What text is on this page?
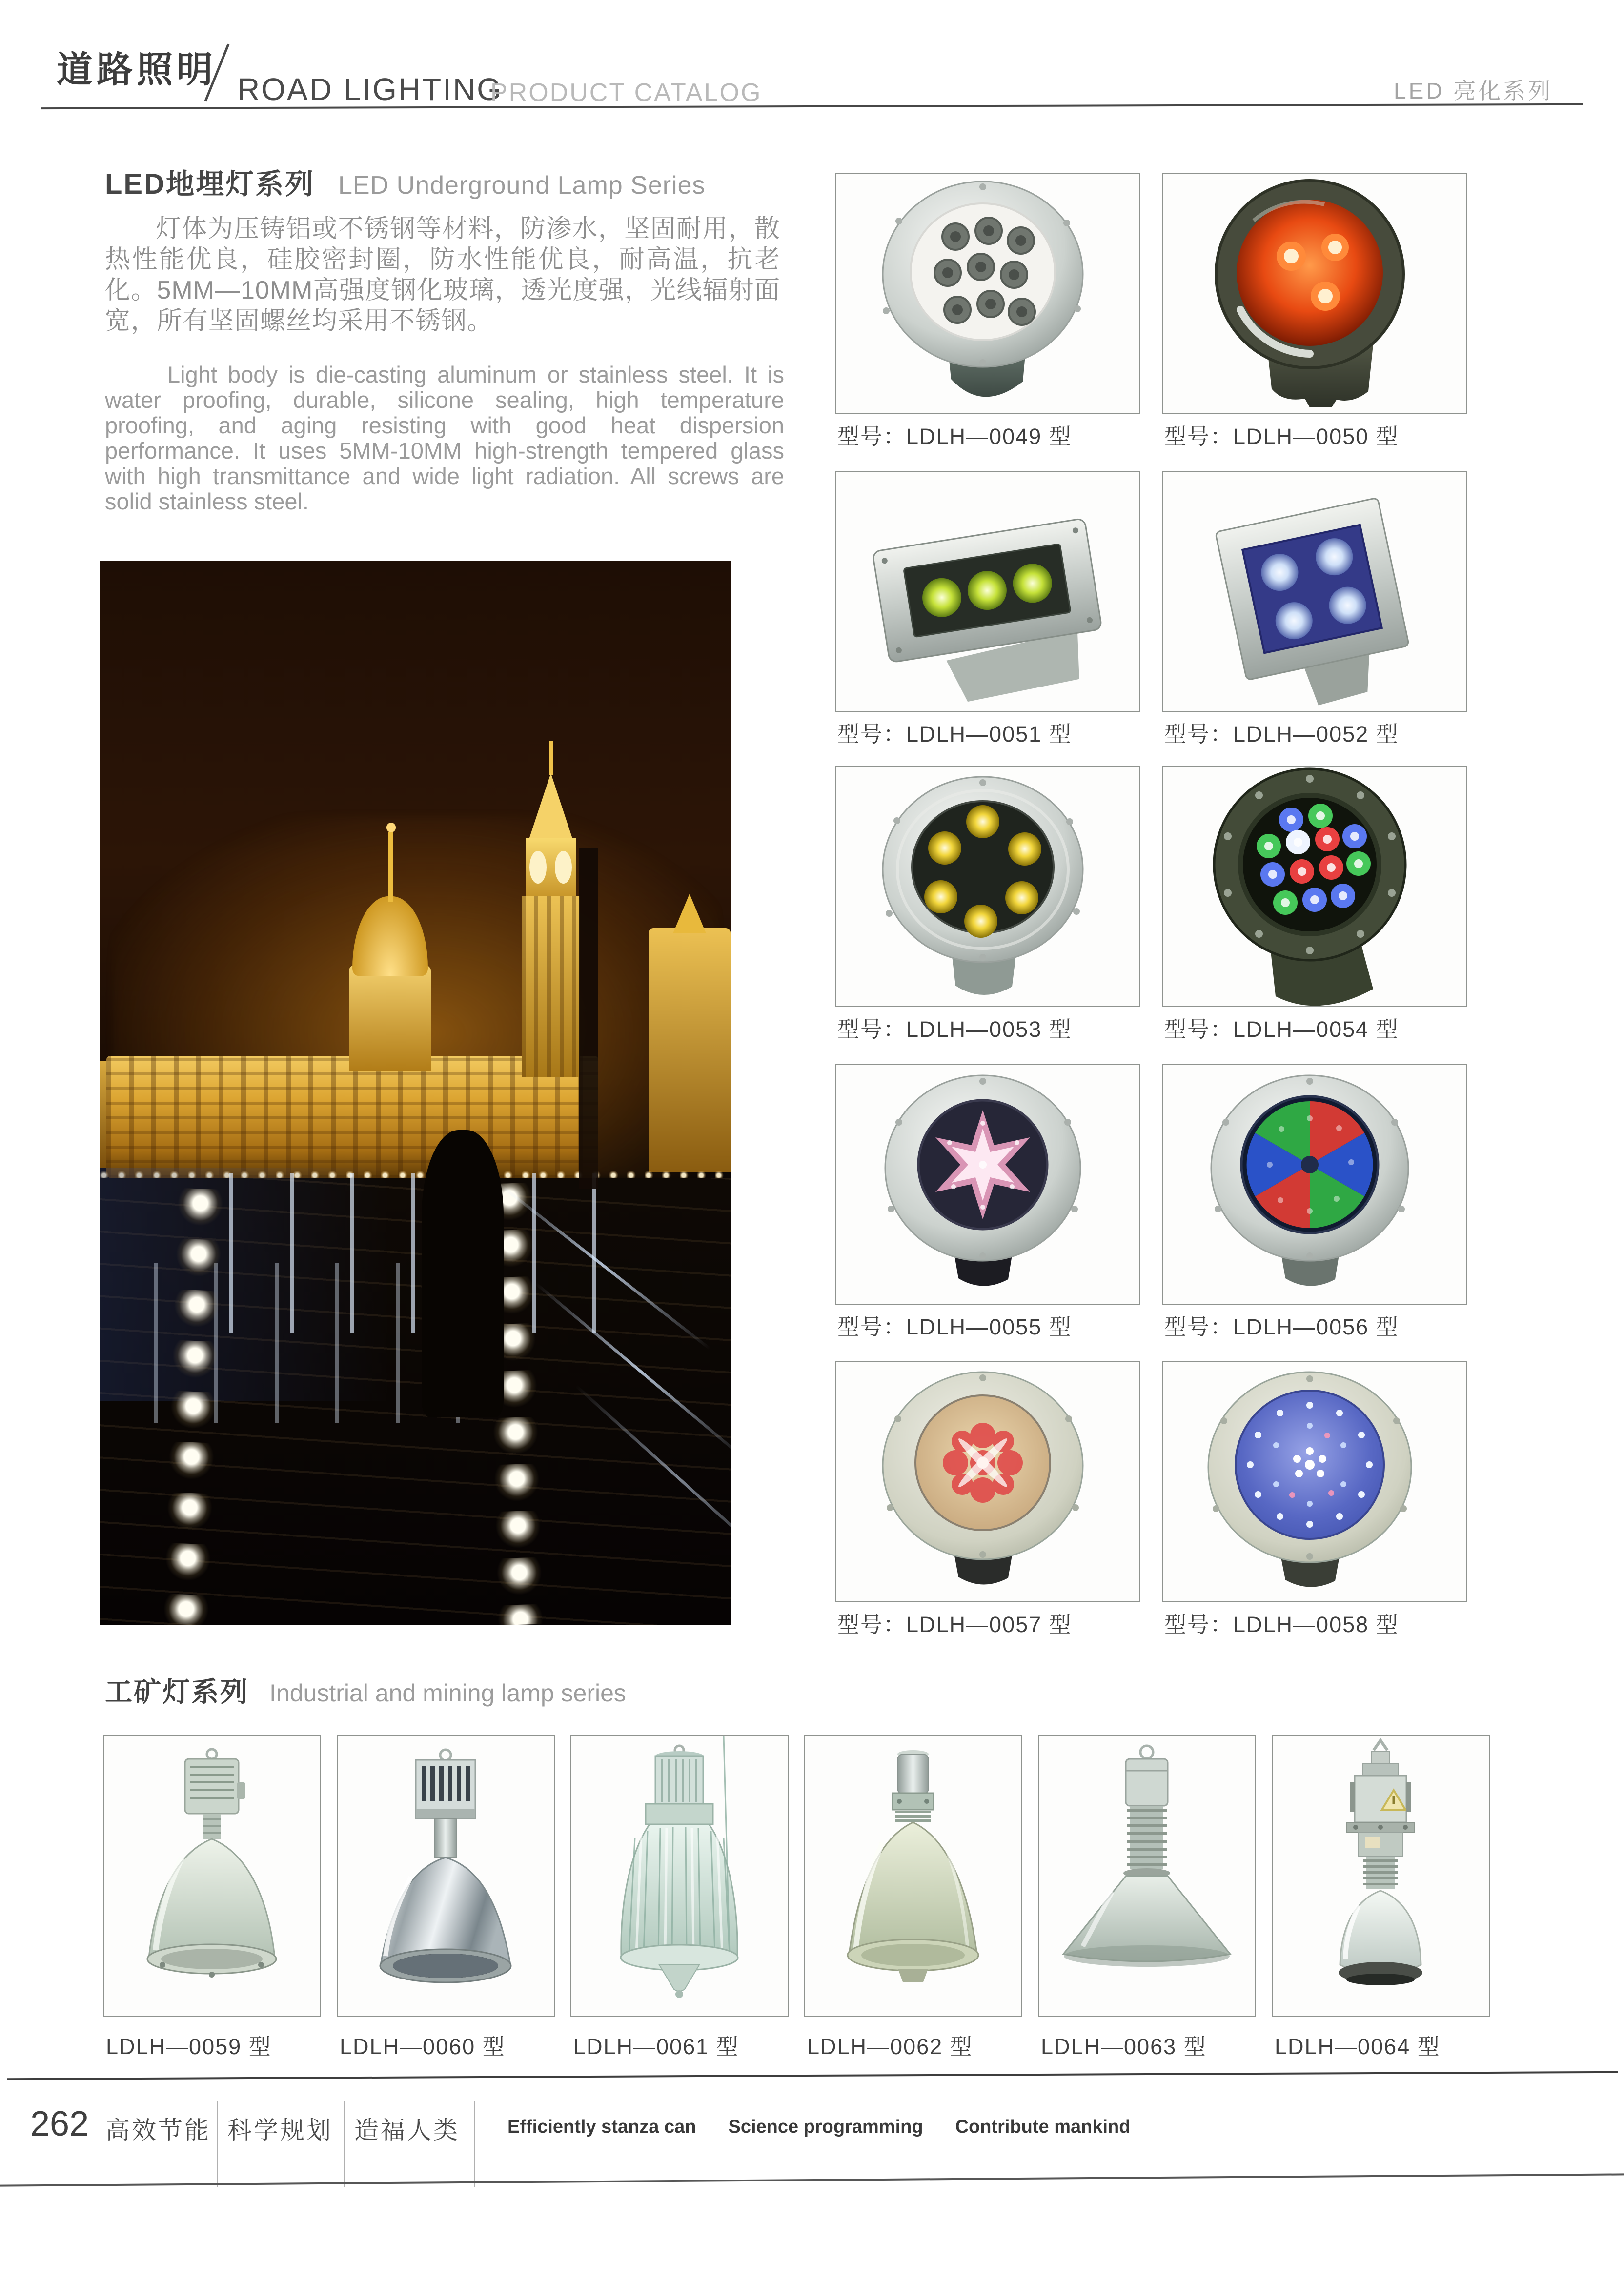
道路照明 ROAD LIGHTING
PRODUCT CATALOG	LED 亮化系列
LED地埋灯系列 LED Underground Lamp Series
灯体为压铸铝或不锈钢等材料，防渗水，坚固耐用，散热性能优良，硅胶密封圈，防水性能优良，耐高温，抗老化。5MM—10MM高强度钢化玻璃，透光度强，光线辐射面宽，所有坚固螺丝均采用不锈钢。
Light body is die-casting aluminum or stainless steel. It is water proofing, durable, silicone sealing, high temperature proofing, and aging resisting with good heat dispersion performance. It uses 5MM-10MM high-strength tempered glass with high transmittance and wide light radiation. All screws are solid stainless steel.
型号：LDLH—0049 型	型号：LDLH—0050 型
型号：LDLH—0051 型	型号：LDLH—0052 型
型号：LDLH—0053 型	型号：LDLH—0054 型
型号：LDLH—0055 型	型号：LDLH—0056 型
型号：LDLH—0057 型	型号：LDLH—0058 型
工矿灯系列 Industrial and mining lamp series
LDLH—0059 型	LDLH—0060 型	LDLH—0061 型	LDLH—0062 型	LDLH—0063 型	LDLH—0064 型
262 高效节能 科学规划 造福人类	Efficiently stanza can Science programming Contribute mankind
